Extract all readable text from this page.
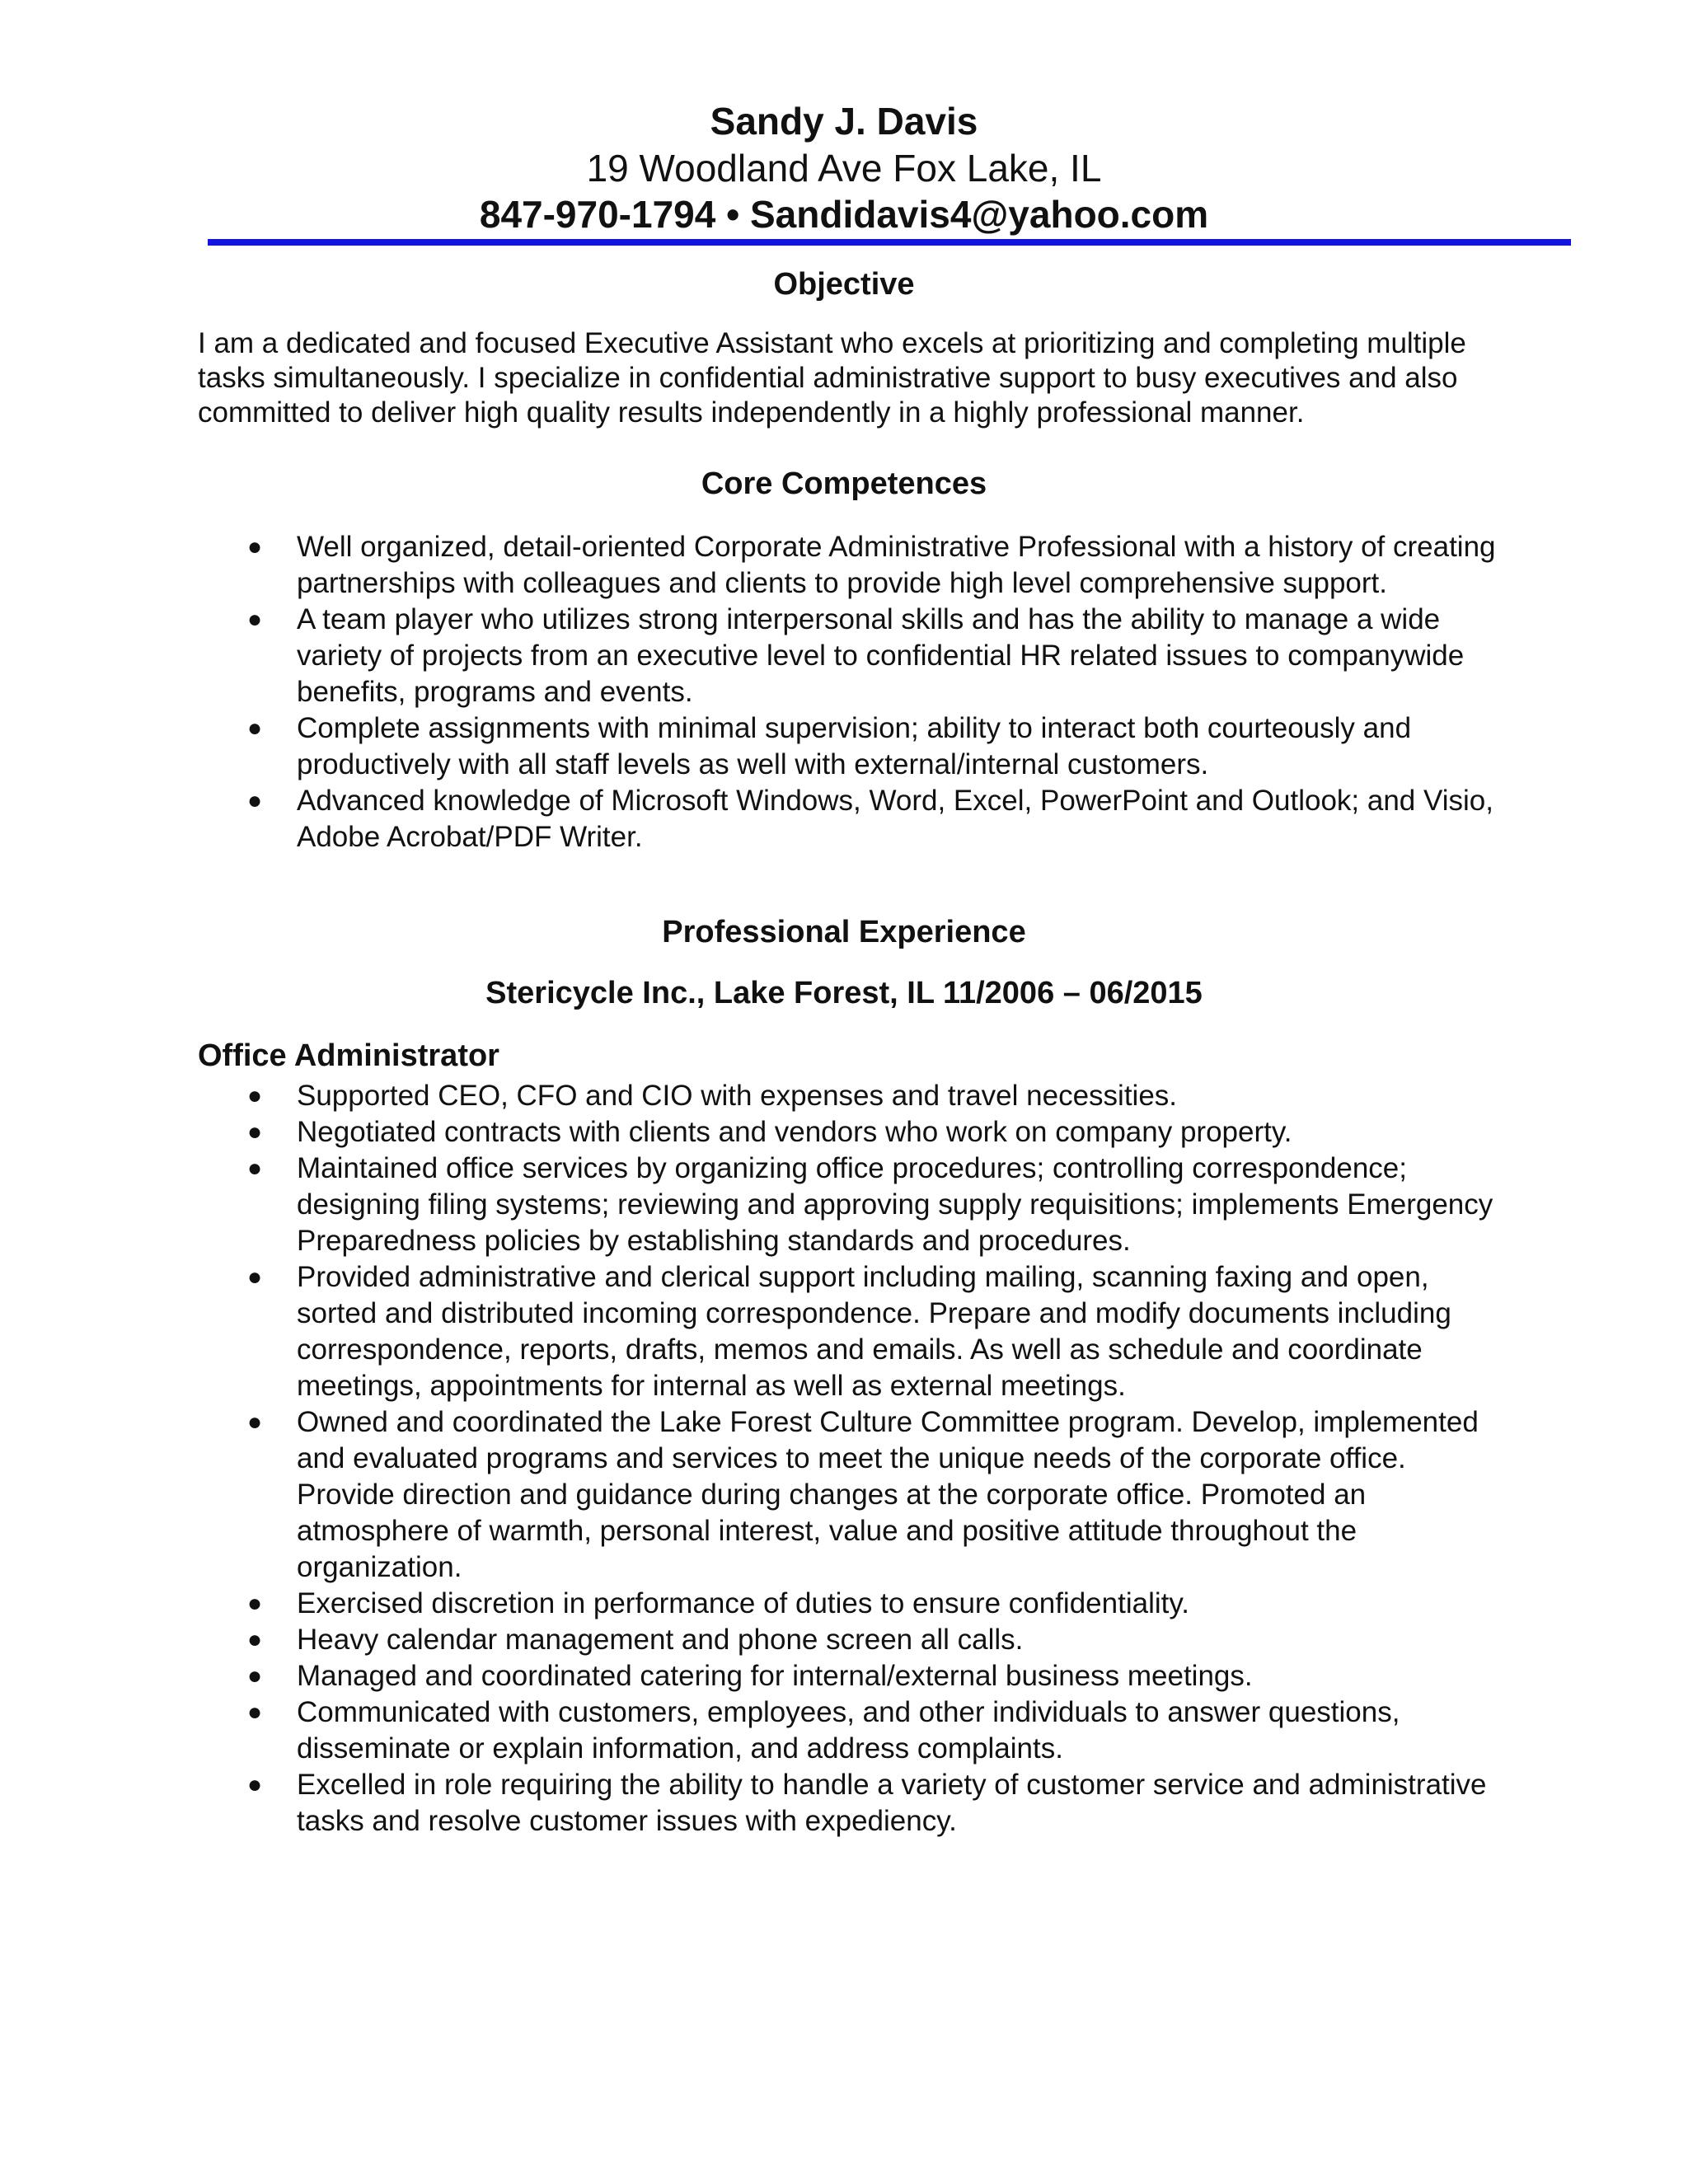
Sandy J. Davis
19 Woodland Ave Fox Lake, IL
847-970-1794 • Sandidavis4@yahoo.com
Objective
I am a dedicated and focused Executive Assistant who excels at prioritizing and completing multiple tasks simultaneously. I specialize in confidential administrative support to busy executives and also committed to deliver high quality results independently in a highly professional manner.
Core Competences
● Well organized, detail-oriented Corporate Administrative Professional with a history of creating partnerships with colleagues and clients to provide high level comprehensive support.
● A team player who utilizes strong interpersonal skills and has the ability to manage a wide variety of projects from an executive level to confidential HR related issues to companywide benefits, programs and events.
● Complete assignments with minimal supervision; ability to interact both courteously and productively with all staff levels as well with external/internal customers.
● Advanced knowledge of Microsoft Windows, Word, Excel, PowerPoint and Outlook; and Visio, Adobe Acrobat/PDF Writer.
Professional Experience
Stericycle Inc., Lake Forest, IL 11/2006 – 06/2015
Office Administrator
● Supported CEO, CFO and CIO with expenses and travel necessities.
● Negotiated contracts with clients and vendors who work on company property.
● Maintained office services by organizing office procedures; controlling correspondence; designing filing systems; reviewing and approving supply requisitions; implements Emergency Preparedness policies by establishing standards and procedures.
● Provided administrative and clerical support including mailing, scanning faxing and open, sorted and distributed incoming correspondence. Prepare and modify documents including correspondence, reports, drafts, memos and emails. As well as schedule and coordinate meetings, appointments for internal as well as external meetings.
● Owned and coordinated the Lake Forest Culture Committee program. Develop, implemented and evaluated programs and services to meet the unique needs of the corporate office. Provide direction and guidance during changes at the corporate office. Promoted an atmosphere of warmth, personal interest, value and positive attitude throughout the organization.
● Exercised discretion in performance of duties to ensure confidentiality.
● Heavy calendar management and phone screen all calls.
● Managed and coordinated catering for internal/external business meetings.
● Communicated with customers, employees, and other individuals to answer questions, disseminate or explain information, and address complaints.
● Excelled in role requiring the ability to handle a variety of customer service and administrative tasks and resolve customer issues with expediency.
